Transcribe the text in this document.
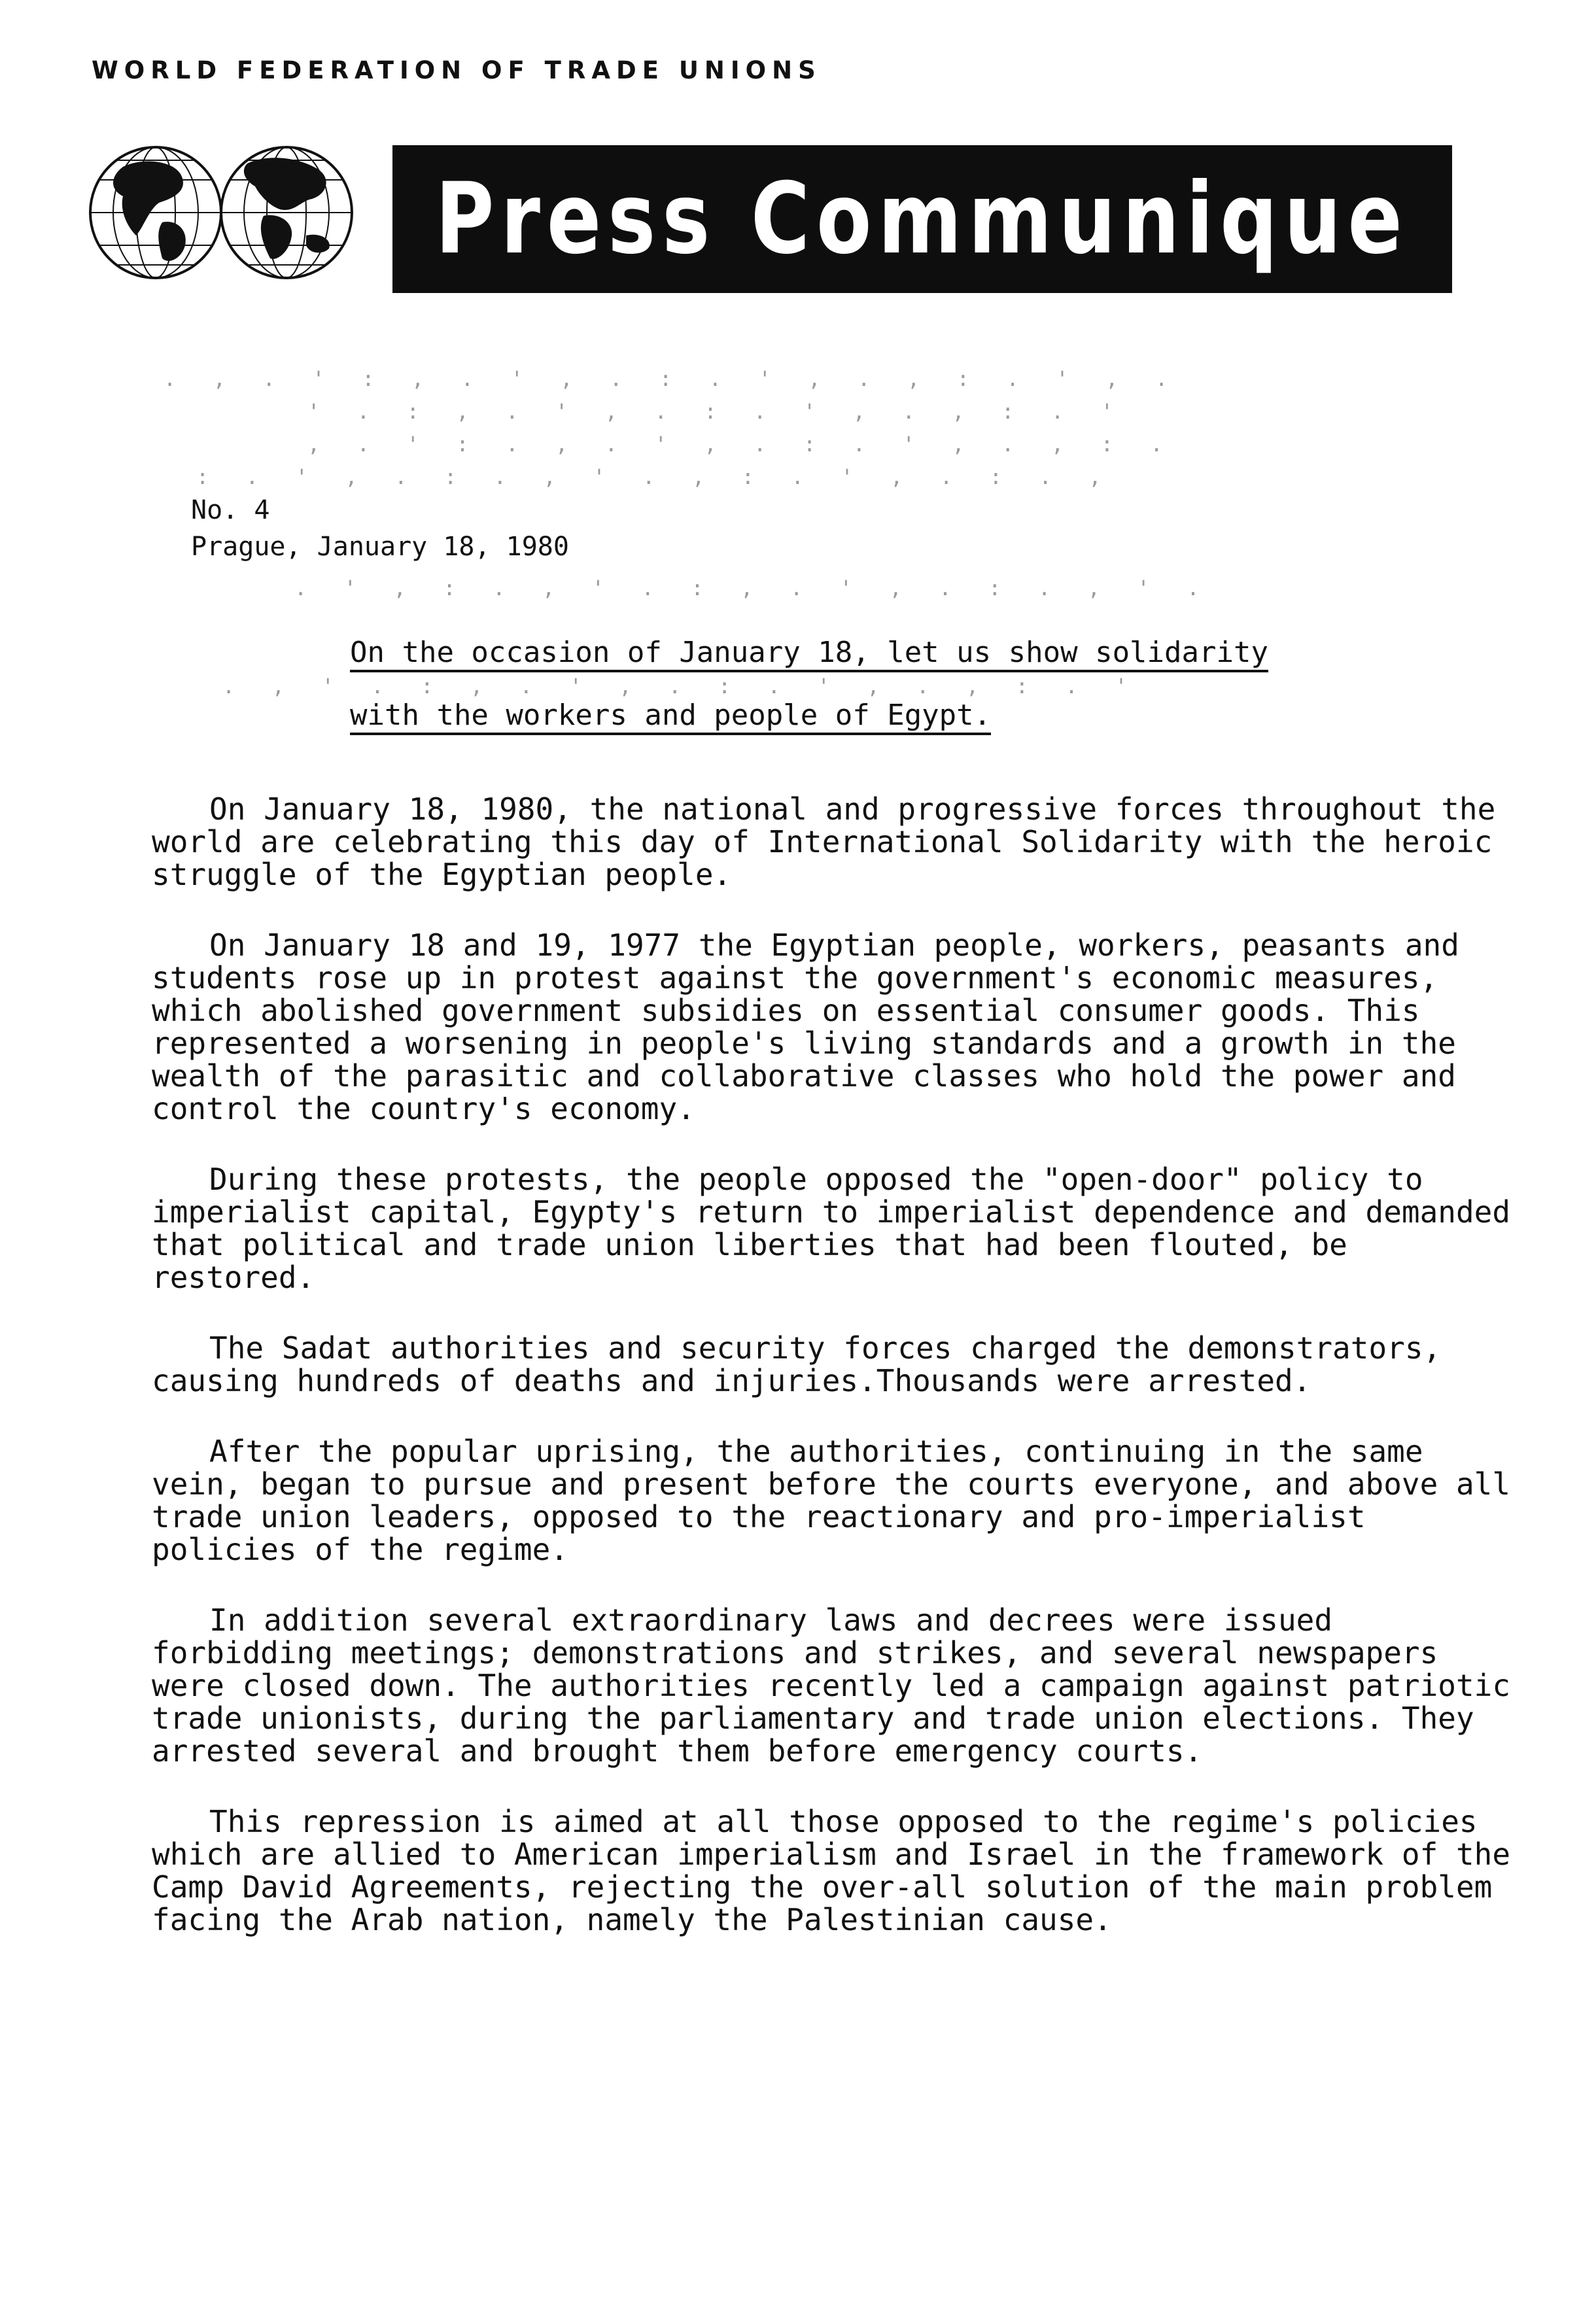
WORLD FEDERATION OF TRADE UNIONS
Press Communique
.  ,  .  '  :  ,  .  '  ,  .  :  .  '  ,  .  ,  :  .  '  ,  .
'  .  :  ,  .  '  ,  .  :  .  '  ,  .  ,  :  .  '
,  .  '  :  .  ,  .  '  ,  .  :  .  '  ,  .  ,  :  .
:  .  '  ,  .  :  .  ,  '  .  ,  :  .  '  ,  .  :  .  ,
No. 4
Prague, January 18, 1980
.  '  ,  :  .  ,  '  .  :  ,  .  '  ,  .  :  .  ,  '  .
On the occasion of January 18, let us show solidarity
.  ,  '  .  :  ,  .  '  ,  .  :  .  '  ,  .  ,  :  .  '
with the workers and people of Egypt.

On January 18, 1980, the national and progressive forces throughout the world are celebrating this day of International Solidarity with the heroic struggle of the Egyptian people.

On January 18 and 19, 1977 the Egyptian people, workers, peasants and students rose up in protest against the government's economic measures, which abolished government subsidies on essential consumer goods. This represented a worsening in people's living standards and a growth in the wealth of the parasitic and collaborative classes who hold the power and control the country's economy.

During these protests, the people opposed the "open-door" policy to imperialist capital, Egypty's return to imperialist dependence and demanded that political and trade union liberties that had been flouted, be restored.

The Sadat authorities and security forces charged the demonstrators, causing hundreds of deaths and injuries.Thousands were arrested.

After the popular uprising, the authorities, continuing in the same vein, began to pursue and present before the courts everyone, and above all trade union leaders, opposed to the reactionary and pro-imperialist policies of the regime.

In addition several extraordinary laws and decrees were issued forbidding meetings; demonstrations and strikes, and several newspapers were closed down. The authorities recently led a campaign against patriotic trade unionists, during the parliamentary and trade union elections. They arrested several and brought them before emergency courts.

This repression is aimed at all those opposed to the regime's policies which are allied to American imperialism and Israel in the framework of the Camp David Agreements, rejecting the over-all solution of the main problem facing the Arab nation, namely the Palestinian cause.
